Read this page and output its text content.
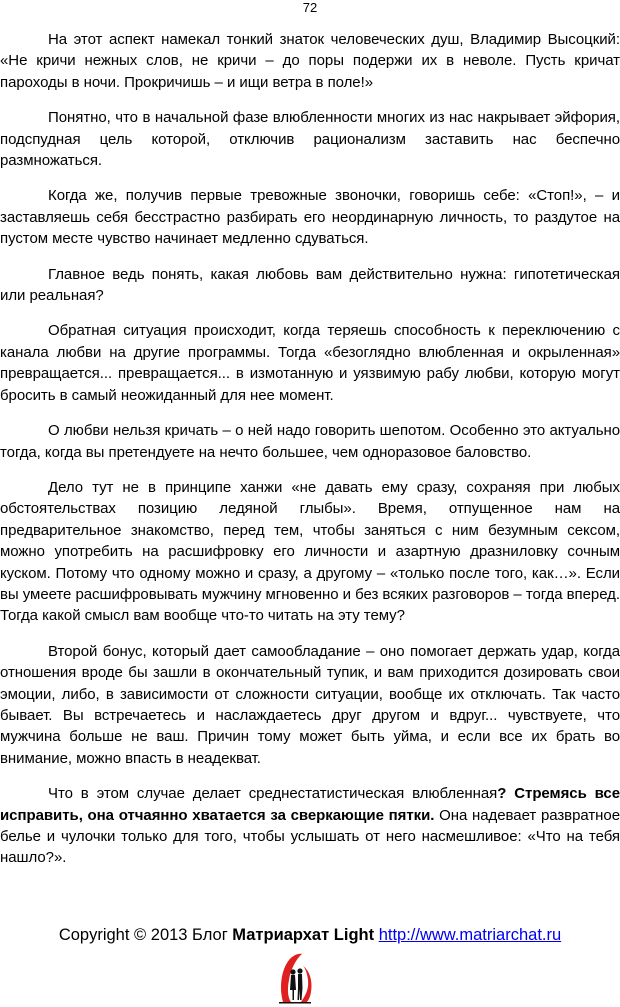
72

На этот аспект намекал тонкий знаток человеческих душ, Владимир Высоцкий: «Не кричи нежных слов, не кричи – до поры подержи их в неволе. Пусть кричат пароходы в ночи. Прокричишь – и ищи ветра в поле!»

Понятно, что в начальной фазе влюбленности многих из нас накрывает эйфория, подспудная цель которой, отключив рационализм заставить нас беспечно размножаться.

Когда же, получив первые тревожные звоночки, говоришь себе: «Стоп!», – и заставляешь себя бесстрастно разбирать его неординарную личность, то раздутое на пустом месте чувство начинает медленно сдуваться.

Главное ведь понять, какая любовь вам действительно нужна: гипотетическая или реальная?

Обратная ситуация происходит, когда теряешь способность к переключению с канала любви на другие программы. Тогда «безоглядно влюбленная и окрыленная» превращается... превращается... в измотанную и уязвимую рабу любви, которую могут бросить в самый неожиданный для нее момент.

О любви нельзя кричать – о ней надо говорить шепотом. Особенно это актуально тогда, когда вы претендуете на нечто большее, чем одноразовое баловство.

Дело тут не в принципе ханжи «не давать ему сразу, сохраняя при любых обстоятельствах позицию ледяной глыбы». Время, отпущенное нам на предварительное знакомство, перед тем, чтобы заняться с ним безумным сексом, можно употребить на расшифровку его личности и азартную дразниловку сочным куском. Потому что одному можно и сразу, а другому – «только после того, как…». Если вы умеете расшифровывать мужчину мгновенно и без всяких разговоров – тогда вперед. Тогда какой смысл вам вообще что-то читать на эту тему?

Второй бонус, который дает самообладание – оно помогает держать удар, когда отношения вроде бы зашли в окончательный тупик, и вам приходится дозировать свои эмоции, либо, в зависимости от сложности ситуации, вообще их отключать. Так часто бывает. Вы встречаетесь и наслаждаетесь друг другом и вдруг... чувствуете, что мужчина больше не ваш. Причин тому может быть уйма, и если все их брать во внимание, можно впасть в неадекват.

Что в этом случае делает среднестатистическая влюбленная? Стремясь все исправить, она отчаянно хватается за сверкающие пятки. Она надевает развратное белье и чулочки только для того, чтобы услышать от него насмешливое: «Что на тебя нашло?».

Copyright © 2013 Блог Матриархат Light http://www.matriarchat.ru
